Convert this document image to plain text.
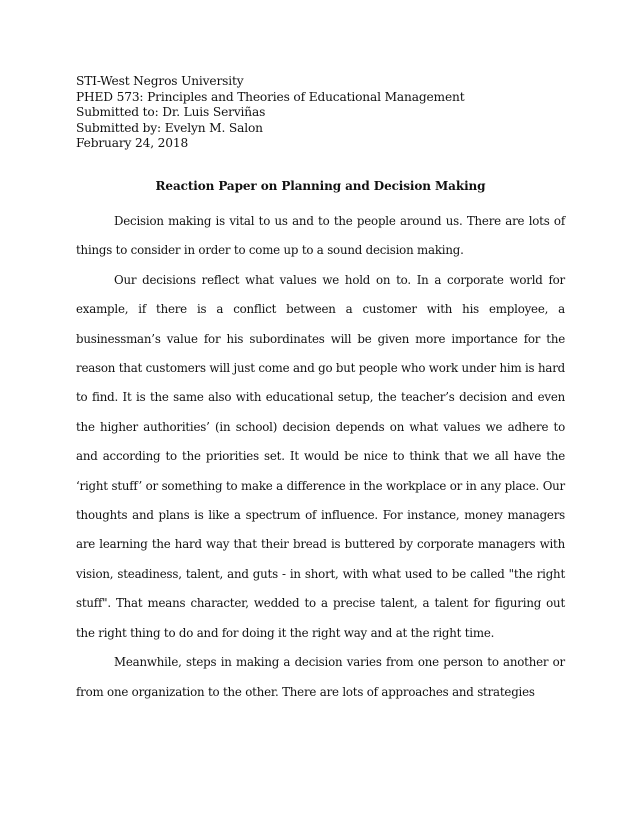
STI-West Negros University
PHED 573: Principles and Theories of Educational Management
Submitted to: Dr. Luis Serviñas
Submitted by: Evelyn M. Salon
February 24, 2018
Reaction Paper on Planning and Decision Making

Decision making is vital to us and to the people around us. There are lots of things to consider in order to come up to a sound decision making.

Our decisions reflect what values we hold on to. In a corporate world for example, if there is a conflict between a customer with his employee, a businessman’s value for his subordinates will be given more importance for the reason that customers will just come and go but people who work under him is hard to find. It is the same also with educational setup, the teacher’s decision and even the higher authorities’ (in school) decision depends on what values we adhere to and according to the priorities set. It would be nice to think that we all have the ‘right stuff’ or something to make a difference in the workplace or in any place. Our thoughts and plans is like a spectrum of influence. For instance, money managers are learning the hard way that their bread is buttered by corporate managers with vision, steadiness, talent, and guts - in short, with what used to be called "the right stuff". That means character, wedded to a precise talent, a talent for figuring out the right thing to do and for doing it the right way and at the right time.

Meanwhile, steps in making a decision varies from one person to another or from one organization to the other. There are lots of approaches and strategies
